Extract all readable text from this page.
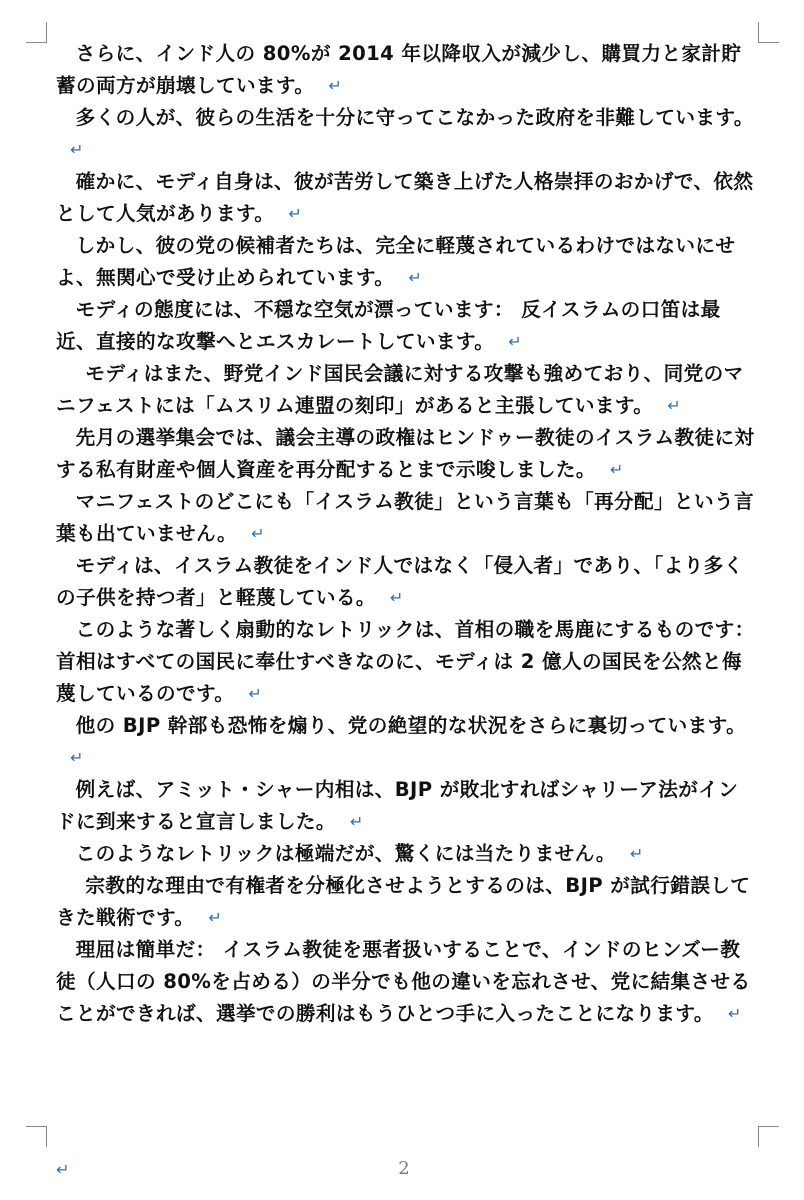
さらに、インド人の 80%が 2014 年以降収入が減少し、購買力と家計貯蓄の両方が崩壊しています。 ↵

多くの人が、彼らの生活を十分に守ってこなかった政府を非難しています。↵

確かに、モディ自身は、彼が苦労して築き上げた人格崇拝のおかげで、依然として人気があります。 ↵

しかし、彼の党の候補者たちは、完全に軽蔑されているわけではないにせよ、無関心で受け止められています。 ↵

モディの態度には、不穏な空気が漂っています： 反イスラムの口笛は最近、直接的な攻撃へとエスカレートしています。 ↵

モディはまた、野党インド国民会議に対する攻撃も強めており、同党のマニフェストには「ムスリム連盟の刻印」があると主張しています。 ↵

先月の選挙集会では、議会主導の政権はヒンドゥー教徒のイスラム教徒に対する私有財産や個人資産を再分配するとまで示唆しました。 ↵

マニフェストのどこにも「イスラム教徒」という言葉も「再分配」という言葉も出ていません。 ↵

モディは、イスラム教徒をインド人ではなく「侵入者」であり、「より多くの子供を持つ者」と軽蔑している。 ↵

このような著しく扇動的なレトリックは、首相の職を馬鹿にするものです： 首相はすべての国民に奉仕すべきなのに、モディは 2 億人の国民を公然と侮蔑しているのです。 ↵

他の BJP 幹部も恐怖を煽り、党の絶望的な状況をさらに裏切っています。↵

例えば、アミット・シャー内相は、BJP が敗北すればシャリーア法がインドに到来すると宣言しました。 ↵

このようなレトリックは極端だが、驚くには当たりません。 ↵

宗教的な理由で有権者を分極化させようとするのは、BJP が試行錯誤してきた戦術です。 ↵

理屈は簡単だ： イスラム教徒を悪者扱いすることで、インドのヒンズー教徒（人口の 80%を占める）の半分でも他の違いを忘れさせ、党に結集させることができれば、選挙での勝利はもうひとつ手に入ったことになります。 ↵

↵	2
